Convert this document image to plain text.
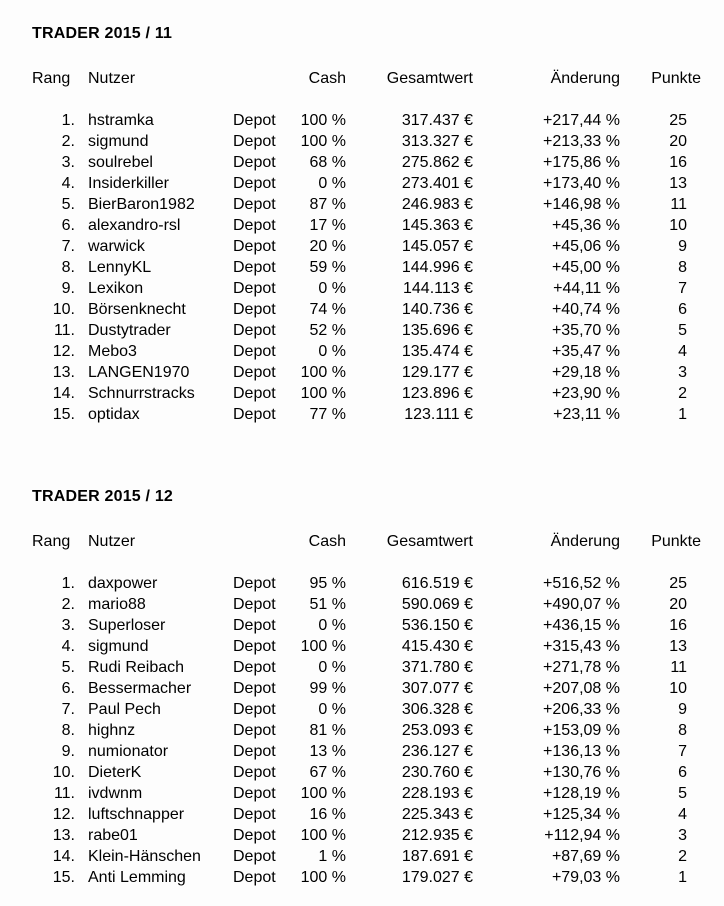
TRADER 2015 / 11
Rang	Nutzer		Cash	Gesamtwert	Änderung	Punkte
1.	hstramka	Depot	100 %	317.437 €	+217,44 %	25
2.	sigmund	Depot	100 %	313.327 €	+213,33 %	20
3.	soulrebel	Depot	68 %	275.862 €	+175,86 %	16
4.	Insiderkiller	Depot	0 %	273.401 €	+173,40 %	13
5.	BierBaron1982	Depot	87 %	246.983 €	+146,98 %	11
6.	alexandro-rsl	Depot	17 %	145.363 €	+45,36 %	10
7.	warwick	Depot	20 %	145.057 €	+45,06 %	9
8.	LennyKL	Depot	59 %	144.996 €	+45,00 %	8
9.	Lexikon	Depot	0 %	144.113 €	+44,11 %	7
10.	Börsenknecht	Depot	74 %	140.736 €	+40,74 %	6
11.	Dustytrader	Depot	52 %	135.696 €	+35,70 %	5
12.	Mebo3	Depot	0 %	135.474 €	+35,47 %	4
13.	LANGEN1970	Depot	100 %	129.177 €	+29,18 %	3
14.	Schnurrstracks	Depot	100 %	123.896 €	+23,90 %	2
15.	optidax	Depot	77 %	123.111 €	+23,11 %	1
TRADER 2015 / 12
Rang	Nutzer		Cash	Gesamtwert	Änderung	Punkte
1.	daxpower	Depot	95 %	616.519 €	+516,52 %	25
2.	mario88	Depot	51 %	590.069 €	+490,07 %	20
3.	Superloser	Depot	0 %	536.150 €	+436,15 %	16
4.	sigmund	Depot	100 %	415.430 €	+315,43 %	13
5.	Rudi Reibach	Depot	0 %	371.780 €	+271,78 %	11
6.	Bessermacher	Depot	99 %	307.077 €	+207,08 %	10
7.	Paul Pech	Depot	0 %	306.328 €	+206,33 %	9
8.	highnz	Depot	81 %	253.093 €	+153,09 %	8
9.	numionator	Depot	13 %	236.127 €	+136,13 %	7
10.	DieterK	Depot	67 %	230.760 €	+130,76 %	6
11.	ivdwnm	Depot	100 %	228.193 €	+128,19 %	5
12.	luftschnapper	Depot	16 %	225.343 €	+125,34 %	4
13.	rabe01	Depot	100 %	212.935 €	+112,94 %	3
14.	Klein-Hänschen	Depot	1 %	187.691 €	+87,69 %	2
15.	Anti Lemming	Depot	100 %	179.027 €	+79,03 %	1
